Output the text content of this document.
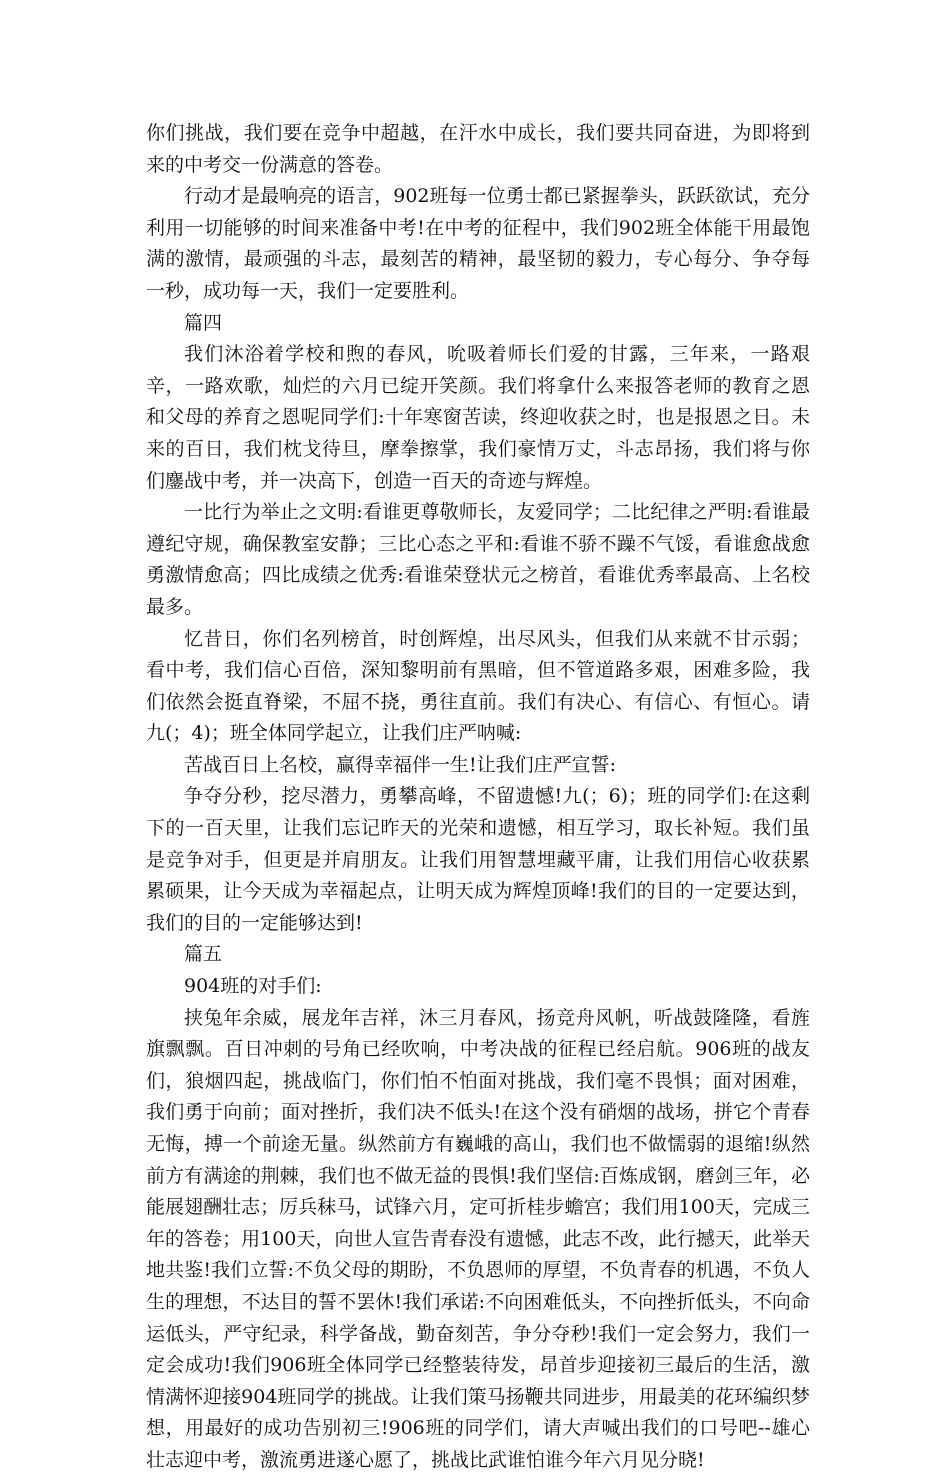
你们挑战，我们要在竞争中超越，在汗水中成长，我们要共同奋进，为即将到来的中考交一份满意的答卷。

行动才是最响亮的语言，902班每一位勇士都已紧握拳头，跃跃欲试，充分利用一切能够的时间来准备中考!在中考的征程中，我们902班全体能干用最饱满的激情，最顽强的斗志，最刻苦的精神，最坚韧的毅力，专心每分、争夺每一秒，成功每一天，我们一定要胜利。

篇四

我们沐浴着学校和煦的春风，吮吸着师长们爱的甘露，三年来，一路艰辛，一路欢歌，灿烂的六月已绽开笑颜。我们将拿什么来报答老师的教育之恩和父母的养育之恩呢同学们:十年寒窗苦读，终迎收获之时，也是报恩之日。未来的百日，我们枕戈待旦，摩拳擦掌，我们豪情万丈，斗志昂扬，我们将与你们鏖战中考，并一决高下，创造一百天的奇迹与辉煌。

一比行为举止之文明:看谁更尊敬师长，友爱同学；二比纪律之严明:看谁最遵纪守规，确保教室安静；三比心态之平和:看谁不骄不躁不气馁，看谁愈战愈勇激情愈高；四比成绩之优秀:看谁荣登状元之榜首，看谁优秀率最高、上名校最多。

忆昔日，你们名列榜首，时创辉煌，出尽风头，但我们从来就不甘示弱；看中考，我们信心百倍，深知黎明前有黑暗，但不管道路多艰，困难多险，我们依然会挺直脊梁，不屈不挠，勇往直前。我们有决心、有信心、有恒心。请九(；4)；班全体同学起立，让我们庄严呐喊:

苦战百日上名校，赢得幸福伴一生!让我们庄严宣誓:

争夺分秒，挖尽潜力，勇攀高峰，不留遗憾!九(；6)；班的同学们:在这剩下的一百天里，让我们忘记昨天的光荣和遗憾，相互学习，取长补短。我们虽是竞争对手，但更是并肩朋友。让我们用智慧埋藏平庸，让我们用信心收获累累硕果，让今天成为幸福起点，让明天成为辉煌顶峰!我们的目的一定要达到，我们的目的一定能够达到!

篇五

904班的对手们:

挟兔年余威，展龙年吉祥，沐三月春风，扬竞舟风帆，听战鼓隆隆，看旌旗飘飘。百日冲刺的号角已经吹响，中考决战的征程已经启航。906班的战友们，狼烟四起，挑战临门，你们怕不怕面对挑战，我们毫不畏惧；面对困难，我们勇于向前；面对挫折，我们决不低头!在这个没有硝烟的战场，拼它个青春无悔，搏一个前途无量。纵然前方有巍峨的高山，我们也不做懦弱的退缩!纵然前方有满途的荆棘，我们也不做无益的畏惧!我们坚信:百炼成钢，磨剑三年，必能展翅酬壮志；厉兵秣马，试锋六月，定可折桂步蟾宫；我们用100天，完成三年的答卷；用100天，向世人宣告青春没有遗憾，此志不改，此行撼天，此举天地共鉴!我们立誓:不负父母的期盼，不负恩师的厚望，不负青春的机遇，不负人生的理想，不达目的誓不罢休!我们承诺:不向困难低头，不向挫折低头，不向命运低头，严守纪录，科学备战，勤奋刻苦，争分夺秒!我们一定会努力，我们一定会成功!我们906班全体同学已经整装待发，昂首步迎接初三最后的生活，激情满怀迎接904班同学的挑战。让我们策马扬鞭共同进步，用最美的花环编织梦想，用最好的成功告别初三!906班的同学们，请大声喊出我们的口号吧--雄心壮志迎中考，激流勇进遂心愿了，挑战比武谁怕谁今年六月见分晓!
